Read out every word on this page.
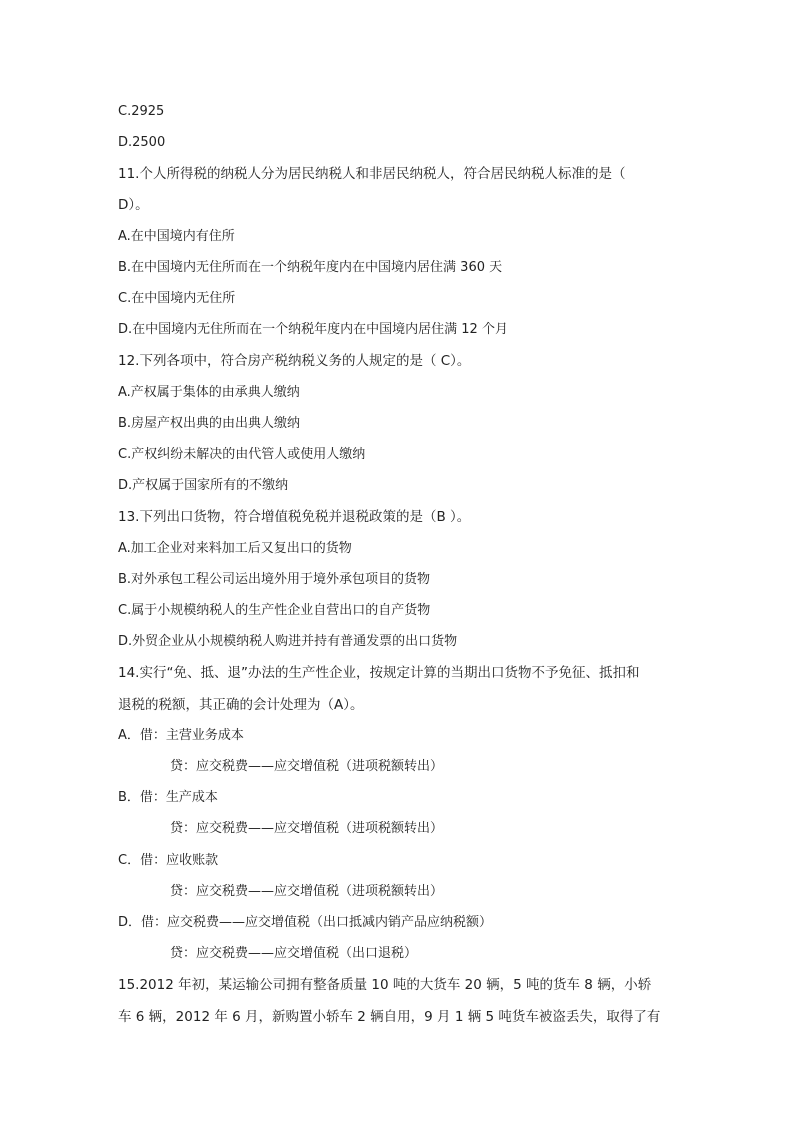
C.2925
D.2500
11.个人所得税的纳税人分为居民纳税人和非居民纳税人，符合居民纳税人标准的是（
D）。
A.在中国境内有住所
B.在中国境内无住所而在一个纳税年度内在中国境内居住满 360 天
C.在中国境内无住所
D.在中国境内无住所而在一个纳税年度内在中国境内居住满 12 个月
12.下列各项中，符合房产税纳税义务的人规定的是（ C）。
A.产权属于集体的由承典人缴纳
B.房屋产权出典的由出典人缴纳
C.产权纠纷未解决的由代管人或使用人缴纳
D.产权属于国家所有的不缴纳
13.下列出口货物，符合增值税免税并退税政策的是（B ）。
A.加工企业对来料加工后又复出口的货物
B.对外承包工程公司运出境外用于境外承包项目的货物
C.属于小规模纳税人的生产性企业自营出口的自产货物
D.外贸企业从小规模纳税人购进并持有普通发票的出口货物
14.实行“免、抵、退”办法的生产性企业，按规定计算的当期出口货物不予免征、抵扣和
退税的税额，其正确的会计处理为（A）。
A．借：主营业务成本
贷：应交税费——应交增值税（进项税额转出）
B．借：生产成本
贷：应交税费——应交增值税（进项税额转出）
C．借：应收账款
贷：应交税费——应交增值税（进项税额转出）
D．借：应交税费——应交增值税（出口抵减内销产品应纳税额）
贷：应交税费——应交增值税（出口退税）
15.2012 年初，某运输公司拥有整备质量 10 吨的大货车 20 辆，5 吨的货车 8 辆，小轿
车 6 辆，2012 年 6 月，新购置小轿车 2 辆自用，9 月 1 辆 5 吨货车被盗丢失，取得了有
